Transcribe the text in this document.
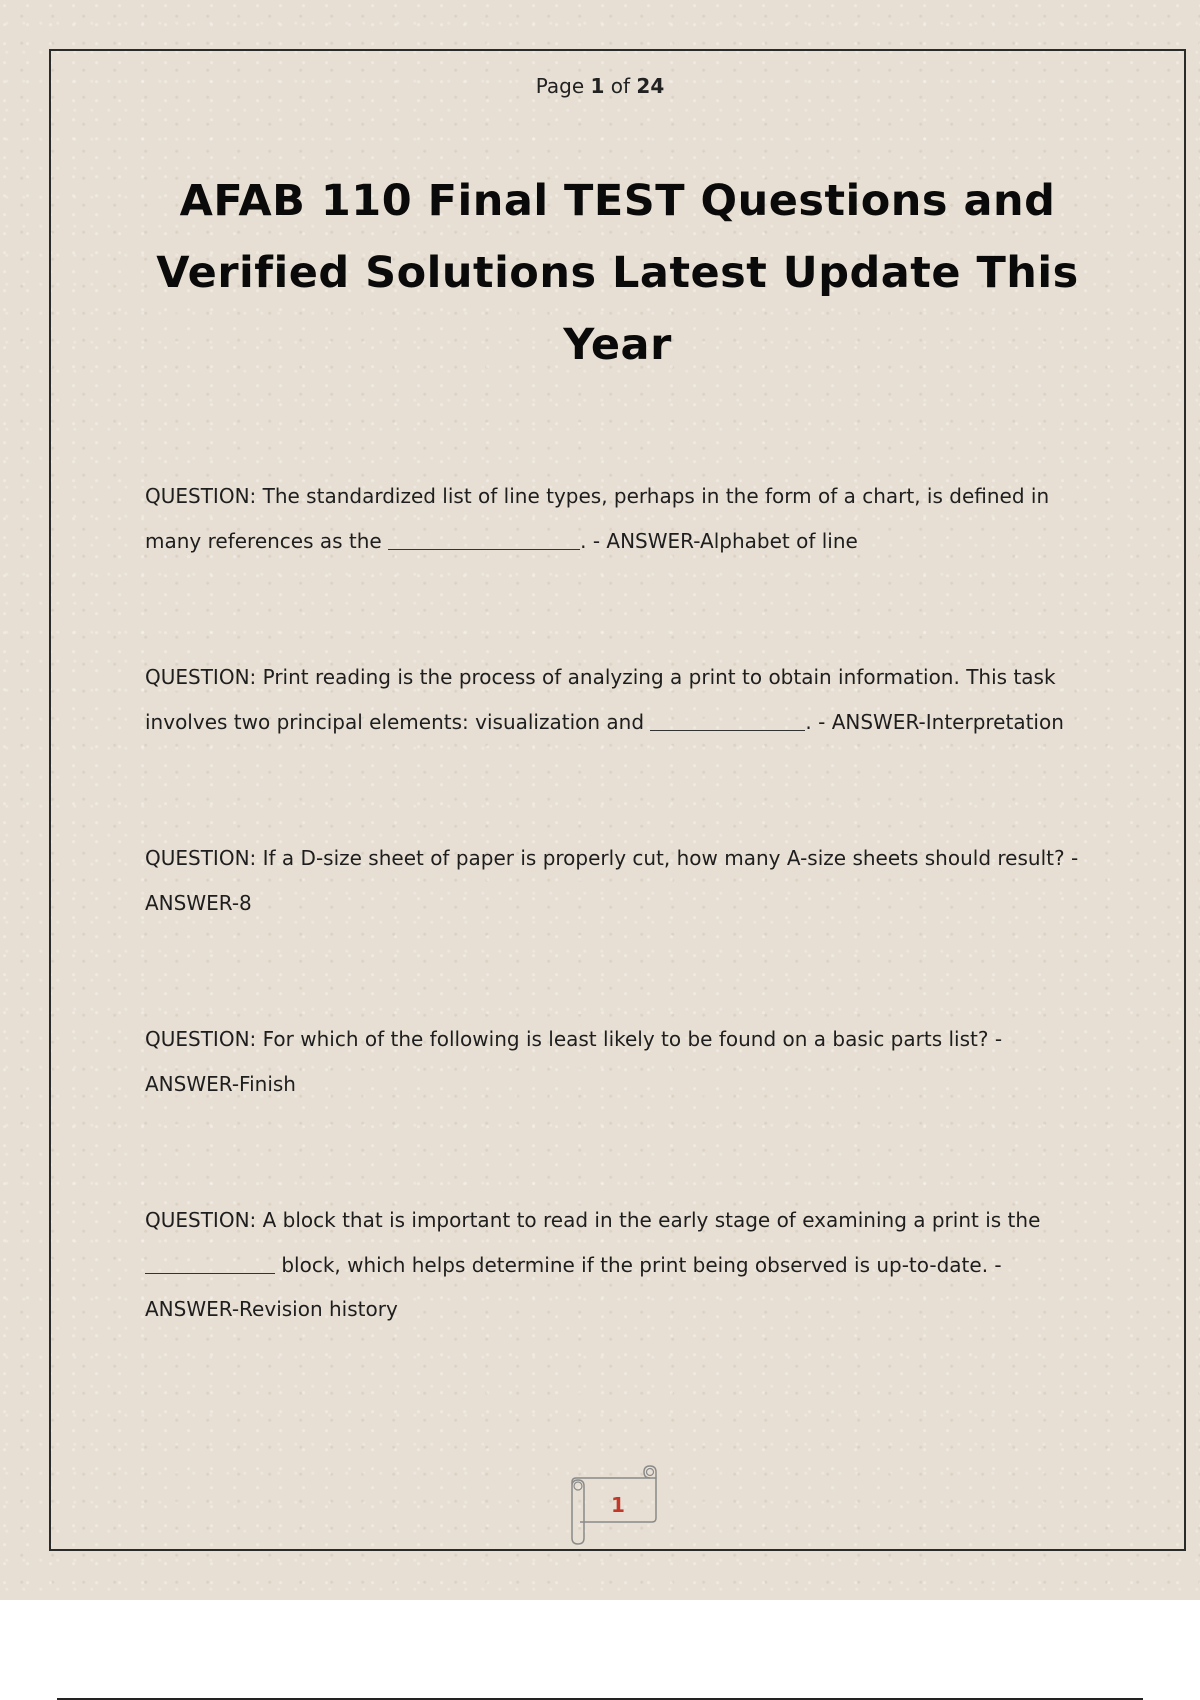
Page 1 of 24
AFAB 110 Final TEST Questions and Verified Solutions Latest Update This Year

QUESTION: The standardized list of line types, perhaps in the form of a chart, is defined in many references as the	. - ANSWER-Alphabet of line

QUESTION: Print reading is the process of analyzing a print to obtain information. This task involves two principal elements: visualization and	. - ANSWER-Interpretation

QUESTION: If a D-size sheet of paper is properly cut, how many A-size sheets should result? - ANSWER-8

QUESTION: For which of the following is least likely to be found on a basic parts list? - ANSWER-Finish

QUESTION: A block that is important to read in the early stage of examining a print is the  block, which helps determine if the print being observed is up-to-date. - ANSWER-Revision history

1
